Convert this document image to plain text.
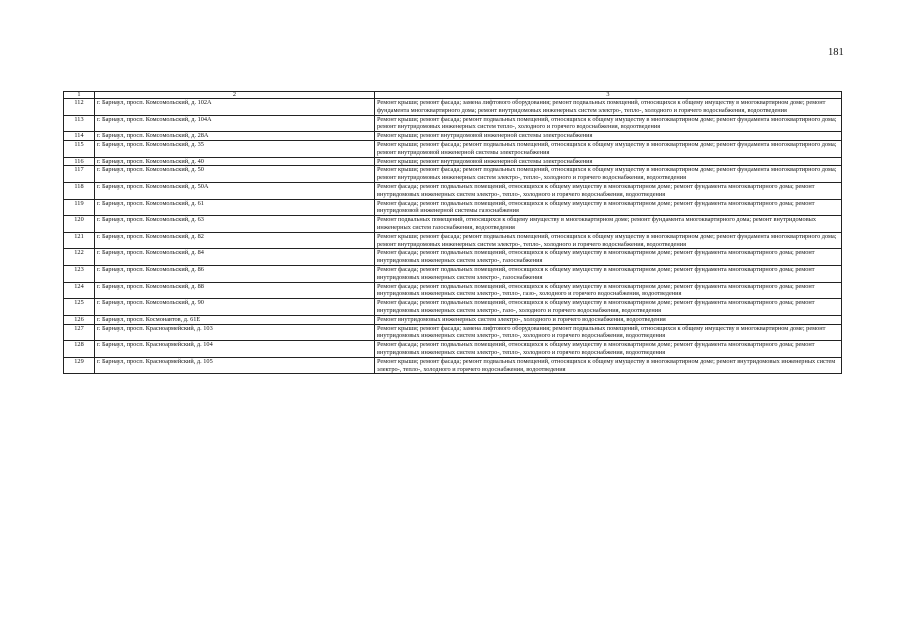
181
1	2	3
112	г. Барнаул, просп. Комсомольский, д. 102А	Ремонт крыши; ремонт фасада; замена лифтового оборудования; ремонт подвальных помещений, относящихся к общему имуществу в многоквартирном доме; ремонт фундамента многоквартирного дома; ремонт внутридомовых инженерных систем электро-, тепло-, холодного и горячего водоснабжения, водоотведения
113	г. Барнаул, просп. Комсомольский, д. 104А	Ремонт крыши; ремонт фасада; ремонт подвальных помещений, относящихся к общему имуществу в многоквартирном доме; ремонт фундамента многоквартирного дома; ремонт внутридомовых инженерных систем тепло-, холодного и горячего водоснабжения, водоотведения
114	г. Барнаул, просп. Комсомольский, д. 28А	Ремонт крыши; ремонт внутридомовой инженерной системы электроснабжения
115	г. Барнаул, просп. Комсомольский, д. 35	Ремонт крыши; ремонт фасада; ремонт подвальных помещений, относящихся к общему имуществу в многоквартирном доме; ремонт фундамента многоквартирного дома; ремонт внутридомовой инженерной системы электроснабжения
116	г. Барнаул, просп. Комсомольский, д. 40	Ремонт крыши; ремонт внутридомовой инженерной системы электроснабжения
117	г. Барнаул, просп. Комсомольский, д. 50	Ремонт крыши; ремонт фасада; ремонт подвальных помещений, относящихся к общему имуществу в многоквартирном доме; ремонт фундамента многоквартирного дома; ремонт внутридомовых инженерных систем электро-, тепло-, холодного и горячего водоснабжения, водоотведения
118	г. Барнаул, просп. Комсомольский, д. 50А	Ремонт фасада; ремонт подвальных помещений, относящихся к общему имуществу в многоквартирном доме; ремонт фундамента многоквартирного дома; ремонт внутридомовых инженерных систем электро-, тепло-, холодного и горячего водоснабжения, водоотведения
119	г. Барнаул, просп. Комсомольский, д. 61	Ремонт фасада; ремонт подвальных помещений, относящихся к общему имуществу в многоквартирном доме; ремонт фундамента многоквартирного дома; ремонт внутридомовой инженерной системы газоснабжения
120	г. Барнаул, просп. Комсомольский, д. 63	Ремонт подвальных помещений, относящихся к общему имуществу в многоквартирном доме; ремонт фундамента многоквартирного дома; ремонт внутридомовых инженерных систем газоснабжения, водоотведения
121	г. Барнаул, просп. Комсомольский, д. 82	Ремонт крыши; ремонт фасада; ремонт подвальных помещений, относящихся к общему имуществу в многоквартирном доме; ремонт фундамента многоквартирного дома; ремонт внутридомовых инженерных систем электро-, тепло-, холодного и горячего водоснабжения, водоотведения
122	г. Барнаул, просп. Комсомольский, д. 84	Ремонт фасада; ремонт подвальных помещений, относящихся к общему имуществу в многоквартирном доме; ремонт фундамента многоквартирного дома; ремонт внутридомовых инженерных систем электро-, газоснабжения
123	г. Барнаул, просп. Комсомольский, д. 86	Ремонт фасада; ремонт подвальных помещений, относящихся к общему имуществу в многоквартирном доме; ремонт фундамента многоквартирного дома; ремонт внутридомовых инженерных систем электро-, газоснабжения
124	г. Барнаул, просп. Комсомольский, д. 88	Ремонт фасада; ремонт подвальных помещений, относящихся к общему имуществу в многоквартирном доме; ремонт фундамента многоквартирного дома; ремонт внутридомовых инженерных систем электро-, тепло-, газо-, холодного и горячего водоснабжения, водоотведения
125	г. Барнаул, просп. Комсомольский, д. 90	Ремонт фасада; ремонт подвальных помещений, относящихся к общему имуществу в многоквартирном доме; ремонт фундамента многоквартирного дома; ремонт внутридомовых инженерных систем электро-, газо-, холодного и горячего водоснабжения, водоотведения
126	г. Барнаул, просп. Космонавтов, д. 61Е	Ремонт внутридомовых инженерных систем электро-, холодного и горячего водоснабжения, водоотведения
127	г. Барнаул, просп. Красноармейский, д. 103	Ремонт крыши; ремонт фасада; замена лифтового оборудования; ремонт подвальных помещений, относящихся к общему имуществу в многоквартирном доме; ремонт внутридомовых инженерных систем электро-, тепло-, холодного и горячего водоснабжения, водоотведения
128	г. Барнаул, просп. Красноармейский, д. 104	Ремонт фасада; ремонт подвальных помещений, относящихся к общему имуществу в многоквартирном доме; ремонт фундамента многоквартирного дома; ремонт внутридомовых инженерных систем электро-, тепло-, холодного и горячего водоснабжения, водоотведения
129	г. Барнаул, просп. Красноармейский, д. 105	Ремонт крыши; ремонт фасада; ремонт подвальных помещений, относящихся к общему имуществу в многоквартирном доме; ремонт внутридомовых инженерных систем электро-, тепло-, холодного и горячего водоснабжения, водоотведения
